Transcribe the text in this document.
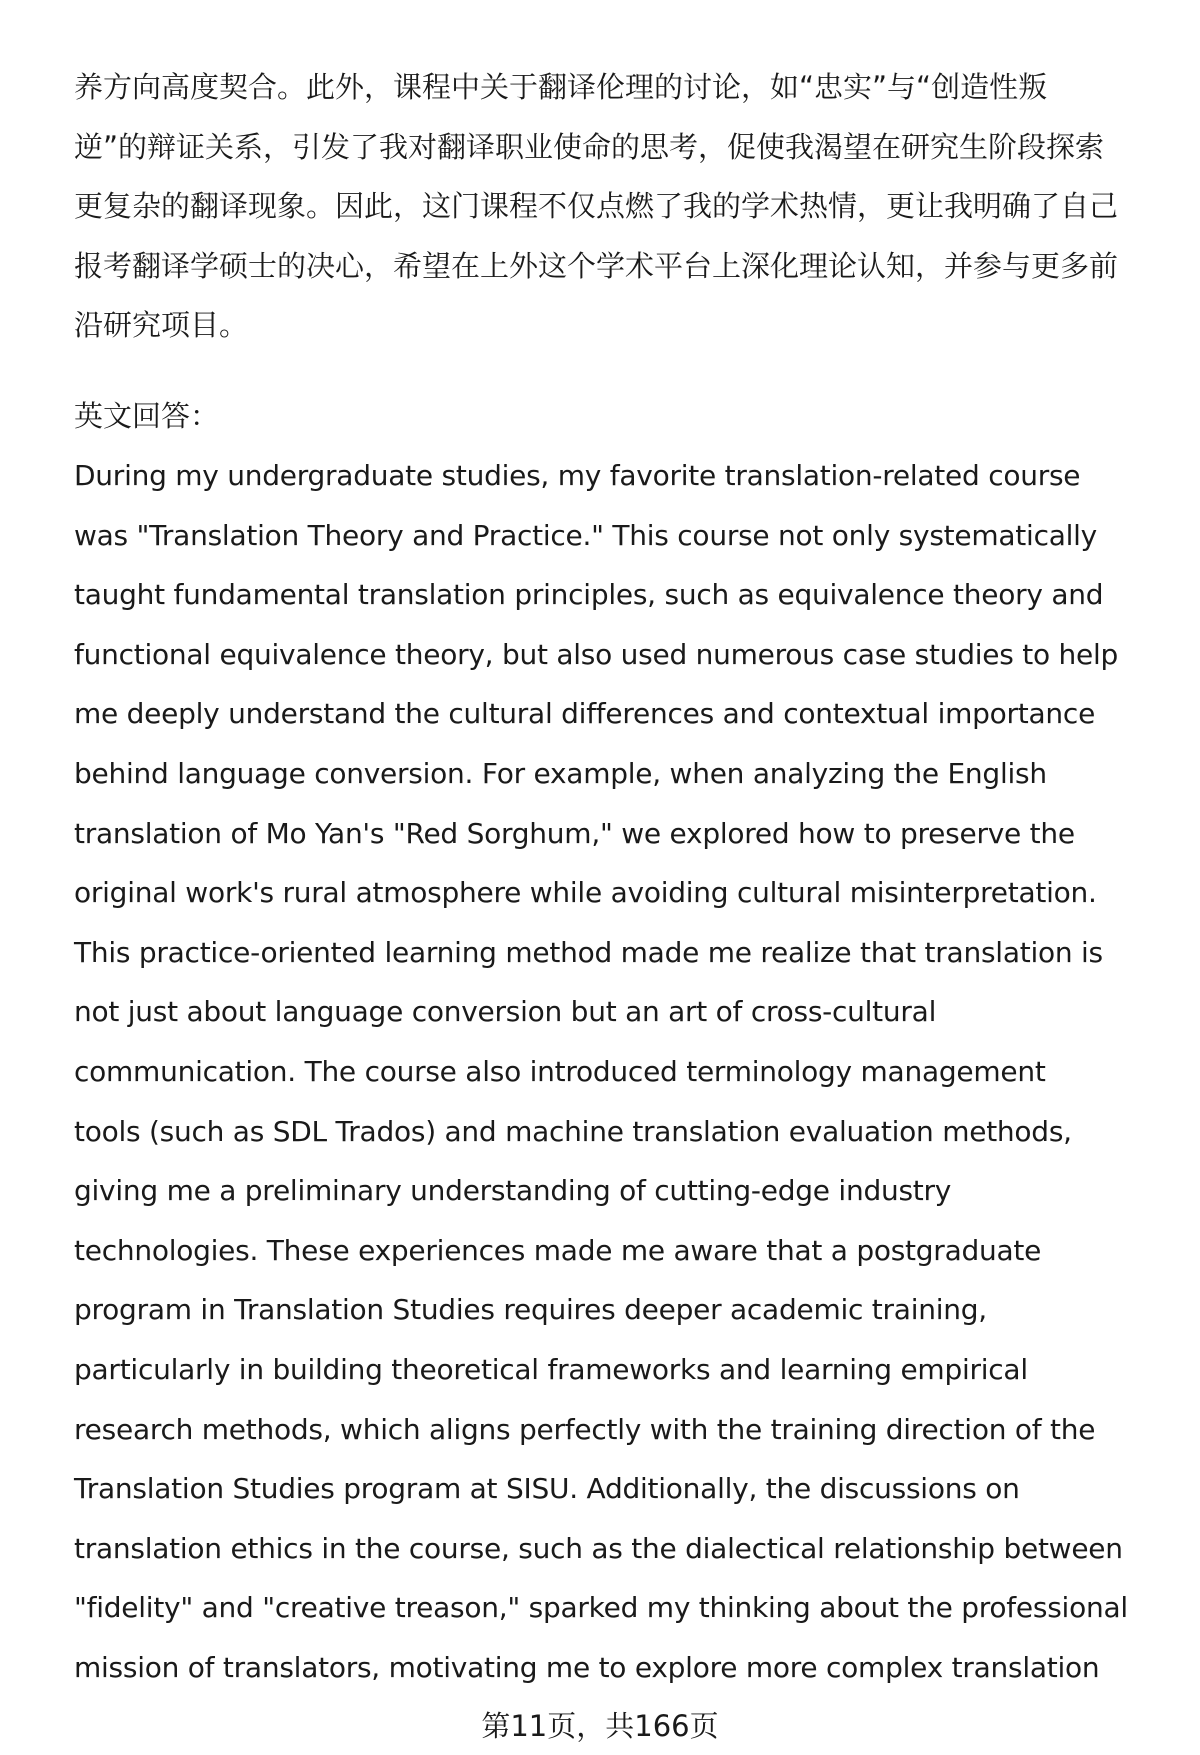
养方向高度契合。此外，课程中关于翻译伦理的讨论，如“忠实”与“创造性叛
逆”的辩证关系，引发了我对翻译职业使命的思考，促使我渴望在研究生阶段探索
更复杂的翻译现象。因此，这门课程不仅点燃了我的学术热情，更让我明确了自己
报考翻译学硕士的决心，希望在上外这个学术平台上深化理论认知，并参与更多前
沿研究项目。
英文回答：
During my undergraduate studies, my favorite translation-related course
was "Translation Theory and Practice." This course not only systematically
taught fundamental translation principles, such as equivalence theory and
functional equivalence theory, but also used numerous case studies to help
me deeply understand the cultural differences and contextual importance
behind language conversion. For example, when analyzing the English
translation of Mo Yan's "Red Sorghum," we explored how to preserve the
original work's rural atmosphere while avoiding cultural misinterpretation.
This practice-oriented learning method made me realize that translation is
not just about language conversion but an art of cross-cultural
communication. The course also introduced terminology management
tools (such as SDL Trados) and machine translation evaluation methods,
giving me a preliminary understanding of cutting-edge industry
technologies. These experiences made me aware that a postgraduate
program in Translation Studies requires deeper academic training,
particularly in building theoretical frameworks and learning empirical
research methods, which aligns perfectly with the training direction of the
Translation Studies program at SISU. Additionally, the discussions on
translation ethics in the course, such as the dialectical relationship between
"fidelity" and "creative treason," sparked my thinking about the professional
mission of translators, motivating me to explore more complex translation
第11页，共166页
